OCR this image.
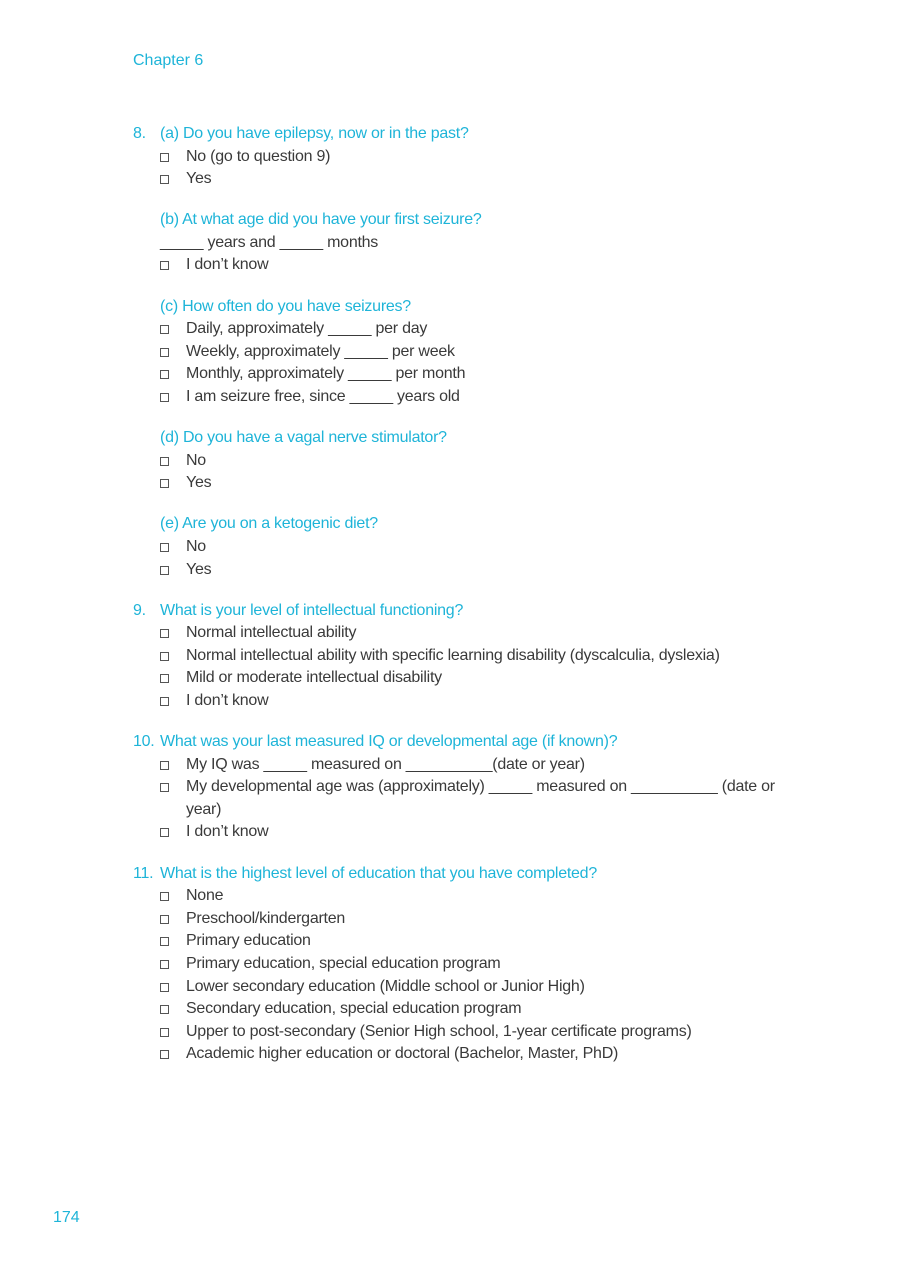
Chapter 6
8. (a) Do you have epilepsy, now or in the past?
No (go to question 9)
Yes
(b) At what age did you have your first seizure?
_____ years and _____ months
I don’t know
(c) How often do you have seizures?
Daily, approximately _____ per day
Weekly, approximately _____ per week
Monthly, approximately _____ per month
I am seizure free, since _____ years old
(d) Do you have a vagal nerve stimulator?
No
Yes
(e) Are you on a ketogenic diet?
No
Yes
9. What is your level of intellectual functioning?
Normal intellectual ability
Normal intellectual ability with specific learning disability (dyscalculia, dyslexia)
Mild or moderate intellectual disability
I don’t know
10. What was your last measured IQ or developmental age (if known)?
My IQ was _____ measured on __________(date or year)
My developmental age was (approximately) _____ measured on __________ (date or year)
I don’t know
11. What is the highest level of education that you have completed?
None
Preschool/kindergarten
Primary education
Primary education, special education program
Lower secondary education (Middle school or Junior High)
Secondary education, special education program
Upper to post-secondary (Senior High school, 1-year certificate programs)
Academic higher education or doctoral (Bachelor, Master, PhD)
174
